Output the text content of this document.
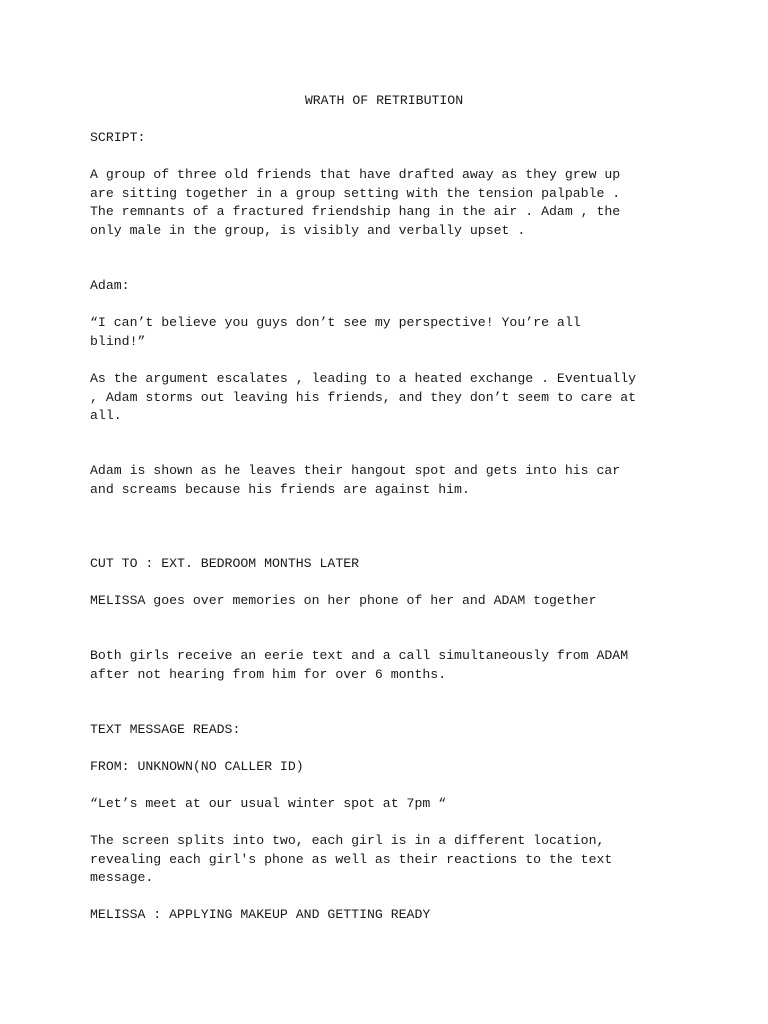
WRATH OF RETRIBUTION
SCRIPT:
A group of three old friends that have drafted away as they grew up
are sitting together in a group setting with the tension palpable .
The remnants of a fractured friendship hang in the air . Adam , the
only male in the group, is visibly and verbally upset .
Adam:
“I can’t believe you guys don’t see my perspective! You’re all
blind!”
As the argument escalates , leading to a heated exchange . Eventually
, Adam storms out leaving his friends, and they don’t seem to care at
all.
Adam is shown as he leaves their hangout spot and gets into his car
and screams because his friends are against him.
CUT TO : EXT. BEDROOM MONTHS LATER
MELISSA goes over memories on her phone of her and ADAM together
Both girls receive an eerie text and a call simultaneously from ADAM
after not hearing from him for over 6 months.
TEXT MESSAGE READS:
FROM: UNKNOWN(NO CALLER ID)
“Let’s meet at our usual winter spot at 7pm “
The screen splits into two, each girl is in a different location,
revealing each girl's phone as well as their reactions to the text
message.
MELISSA : APPLYING MAKEUP AND GETTING READY
